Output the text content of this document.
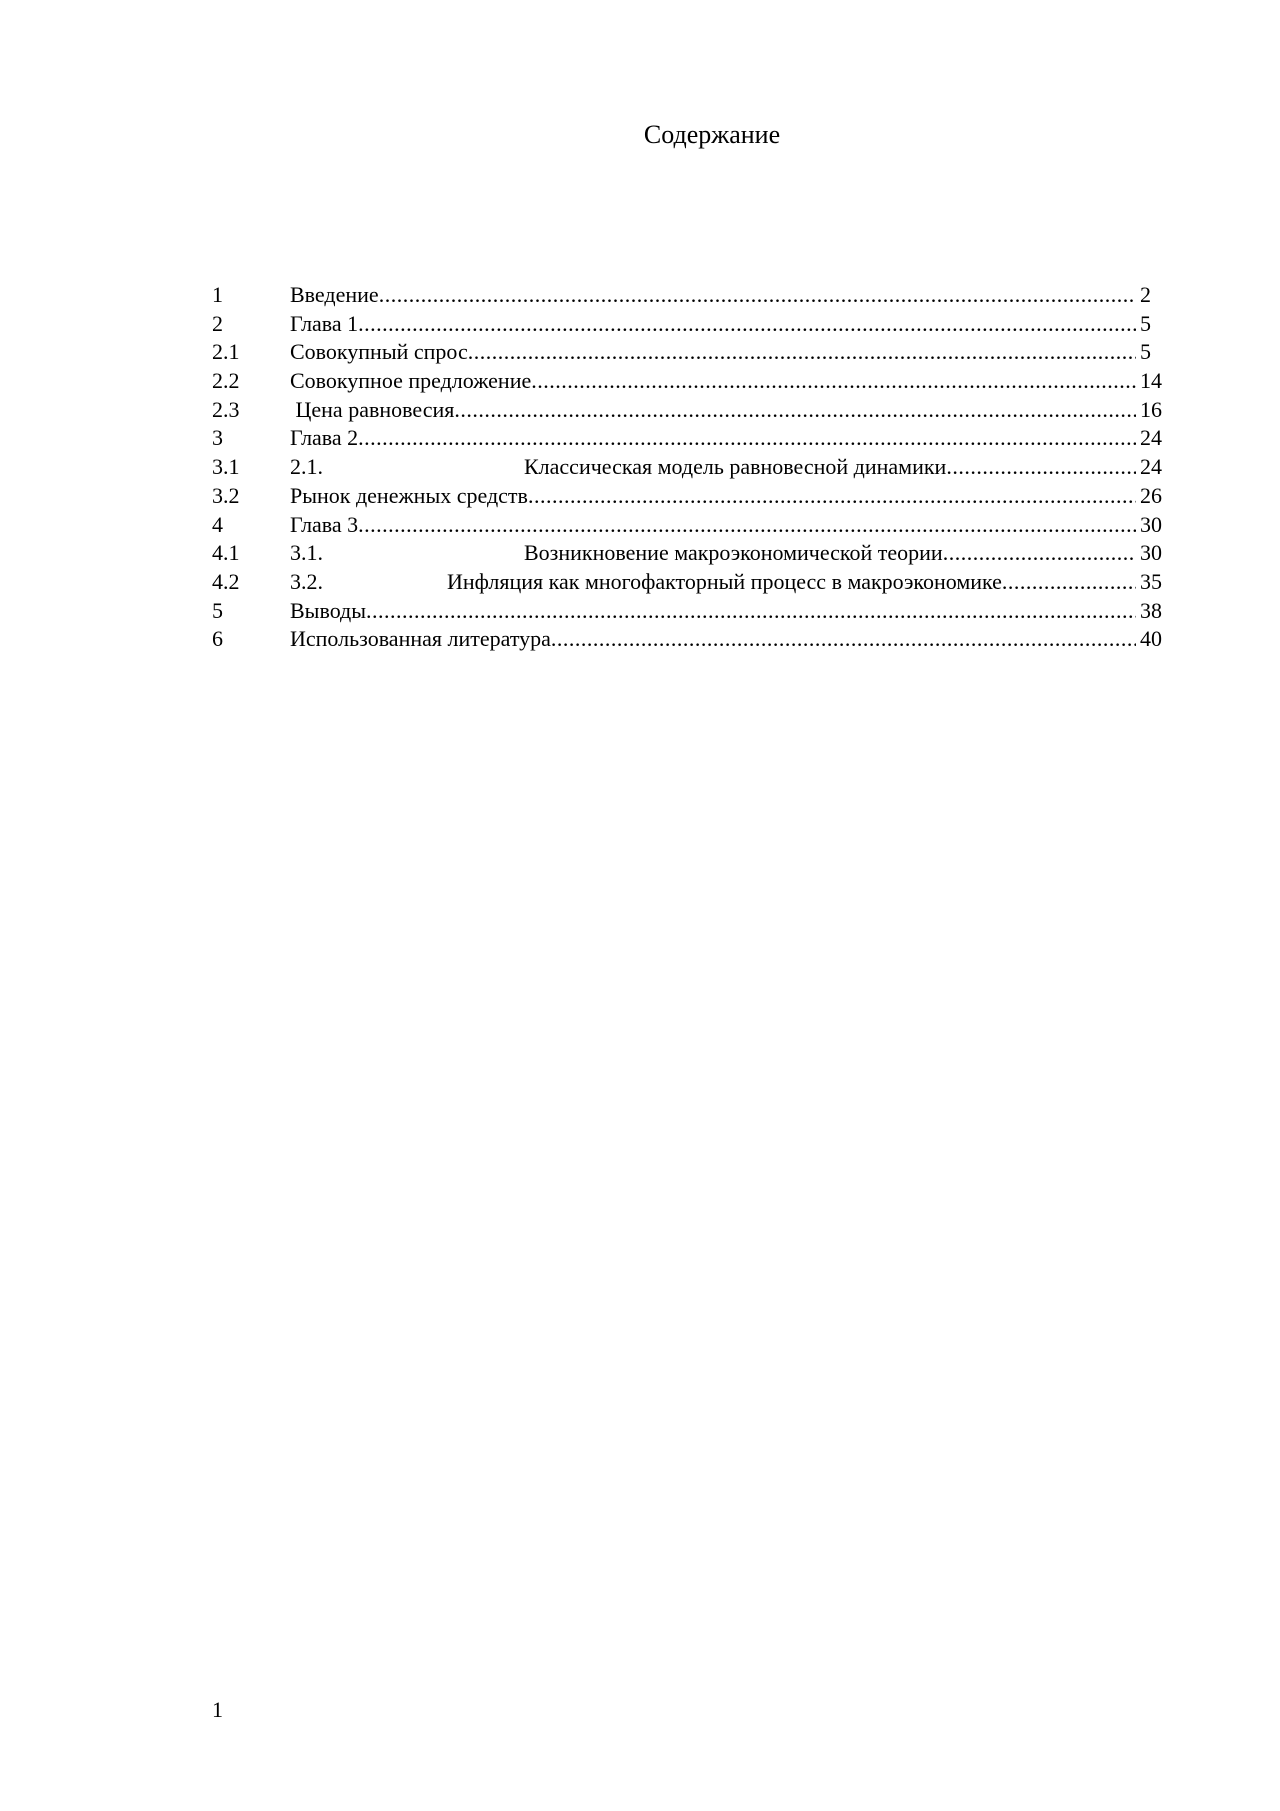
Содержание
1	Введение .....	2
2	Глава 1 .....	5
2.1	Совокупный спрос .....	5
2.2	Совокупное предложение .....	14
2.3	Цена равновесия .....	16
3	Глава 2 .....	24
3.1	2.1.	Классическая модель равновесной динамики .....	24
3.2	Рынок денежных средств .....	26
4	Глава 3 .....	30
4.1	3.1.	Возникновение макроэкономической теории .....	30
4.2	3.2.	Инфляция как многофакторный процесс в макроэкономике .....	35
5	Выводы .....	38
6	Использованная литература .....	40
1
